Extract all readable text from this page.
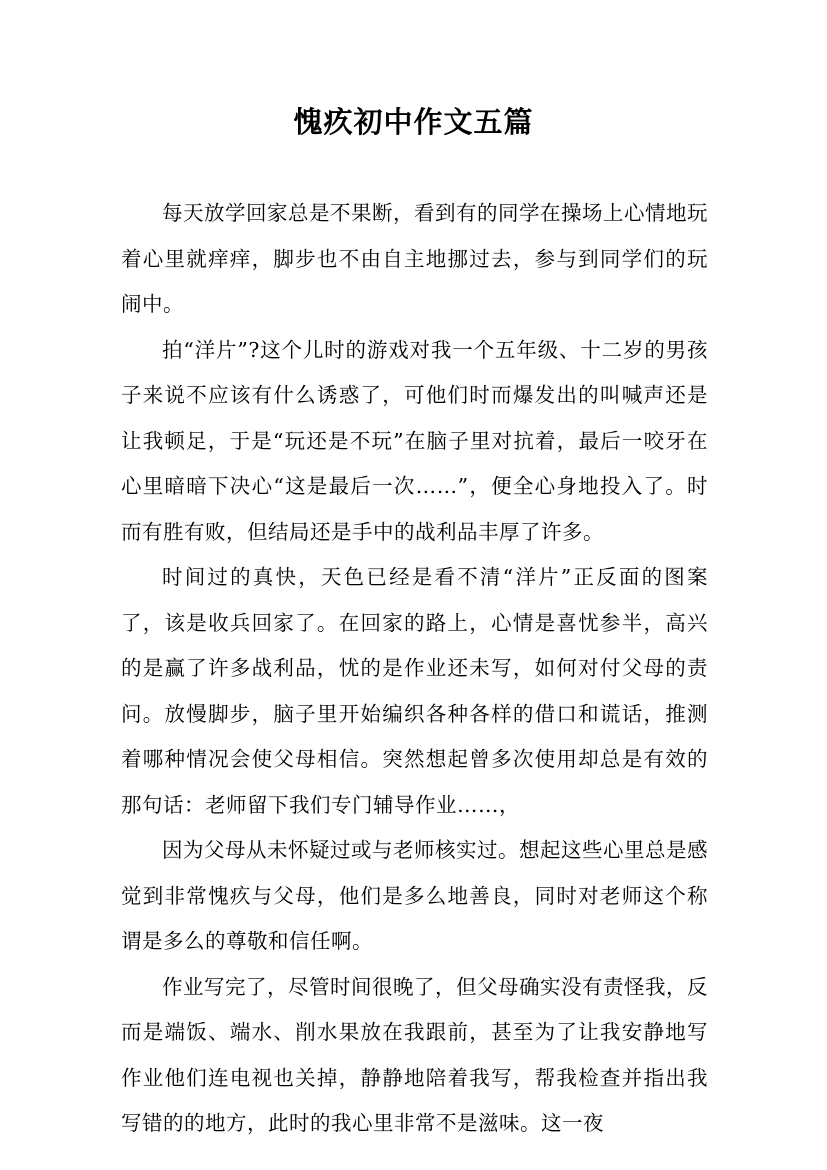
愧疚初中作文五篇

每天放学回家总是不果断，看到有的同学在操场上心情地玩着心里就痒痒，脚步也不由自主地挪过去，参与到同学们的玩闹中。

拍“洋片”?这个儿时的游戏对我一个五年级、十二岁的男孩子来说不应该有什么诱惑了，可他们时而爆发出的叫喊声还是让我顿足，于是“玩还是不玩”在脑子里对抗着，最后一咬牙在心里暗暗下决心“这是最后一次……”，便全心身地投入了。时而有胜有败，但结局还是手中的战利品丰厚了许多。

时间过的真快，天色已经是看不清“洋片”正反面的图案了，该是收兵回家了。在回家的路上，心情是喜忧参半，高兴的是赢了许多战利品，忧的是作业还未写，如何对付父母的责问。放慢脚步，脑子里开始编织各种各样的借口和谎话，推测着哪种情况会使父母相信。突然想起曾多次使用却总是有效的那句话：老师留下我们专门辅导作业……，

因为父母从未怀疑过或与老师核实过。想起这些心里总是感觉到非常愧疚与父母，他们是多么地善良，同时对老师这个称谓是多么的尊敬和信任啊。

作业写完了，尽管时间很晚了，但父母确实没有责怪我，反而是端饭、端水、削水果放在我跟前，甚至为了让我安静地写作业他们连电视也关掉，静静地陪着我写，帮我检查并指出我写错的的地方，此时的我心里非常不是滋味。这一夜
